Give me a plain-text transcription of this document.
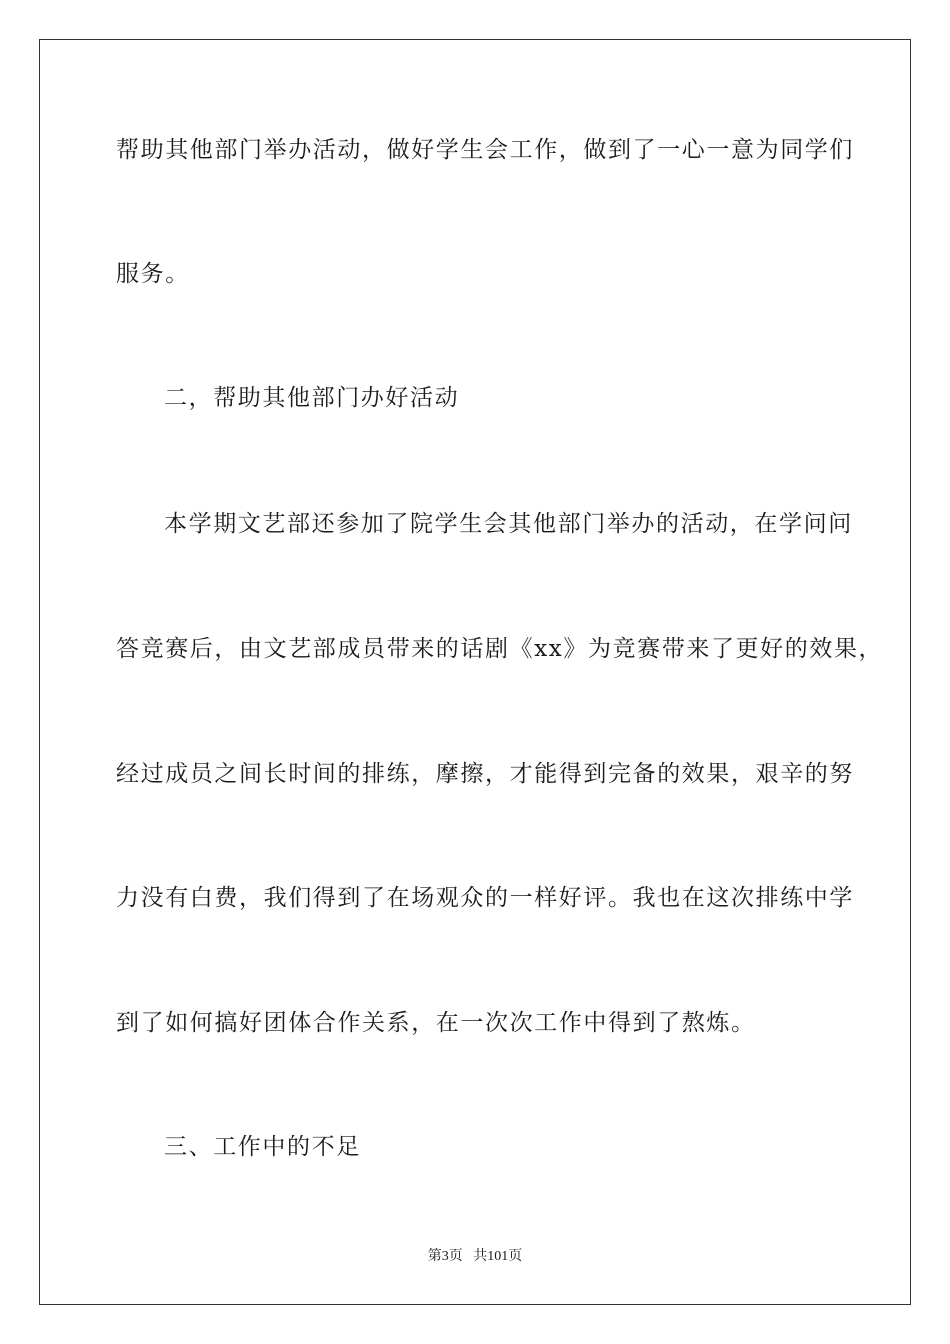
帮助其他部门举办活动，做好学生会工作，做到了一心一意为同学们
服务。
二，帮助其他部门办好活动
本学期文艺部还参加了院学生会其他部门举办的活动，在学问问
答竞赛后，由文艺部成员带来的话剧《xx》为竞赛带来了更好的效果，
经过成员之间长时间的排练，摩擦，才能得到完备的效果，艰辛的努
力没有白费，我们得到了在场观众的一样好评。我也在这次排练中学
到了如何搞好团体合作关系，在一次次工作中得到了熬炼。
三、工作中的不足
第3页 共101页
